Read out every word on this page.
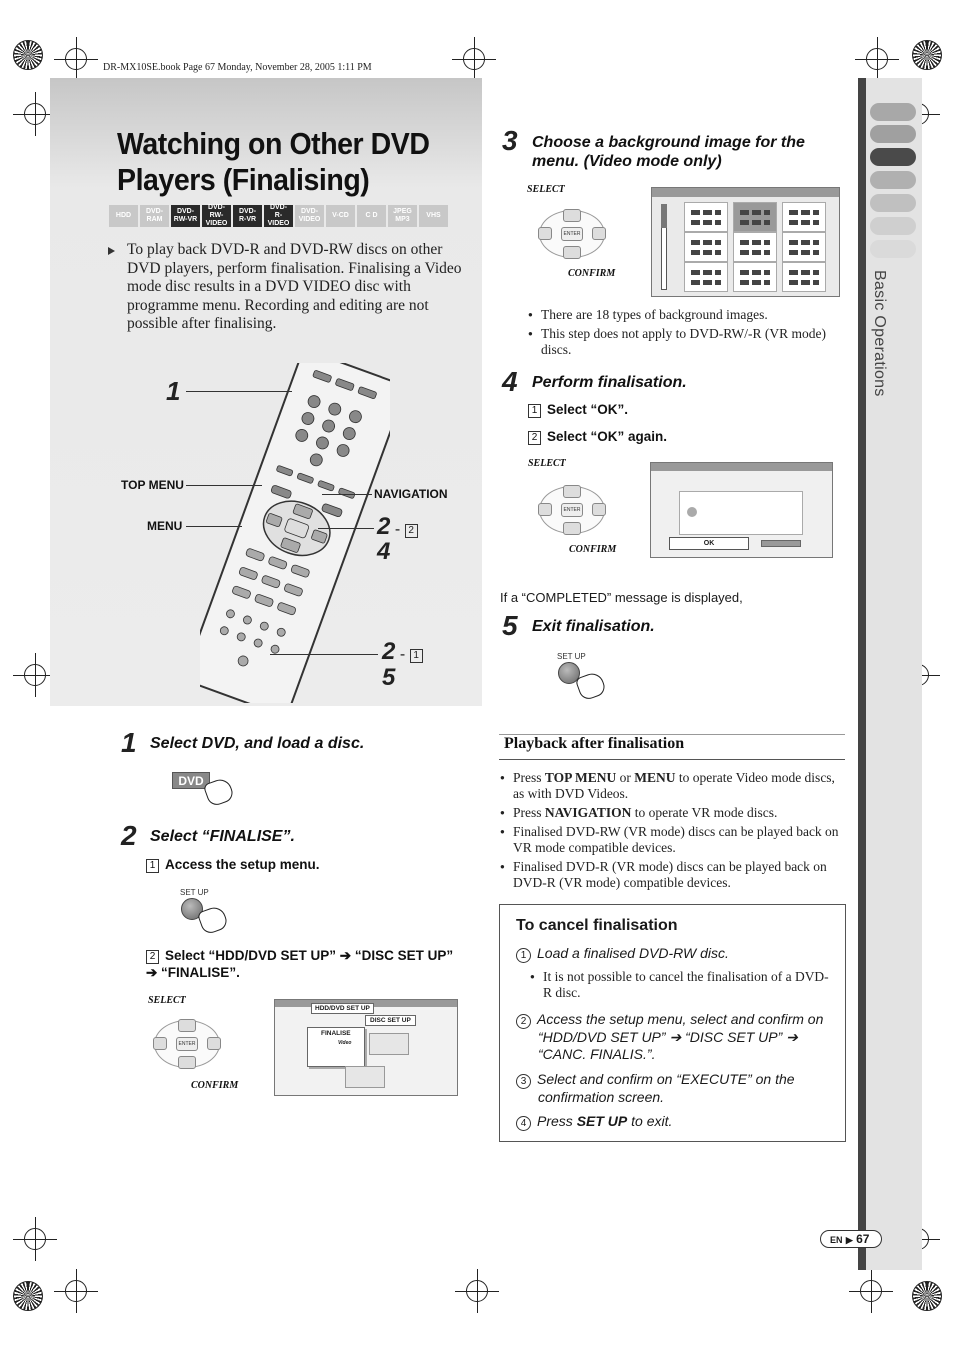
DR-MX10SE.book Page 67 Monday, November 28, 2005 1:11 PM
Basic Operations
Watching on Other DVD
Players (Finalising)
HDD
DVD-
RAM
DVD-
RW-VR
DVD-
RW-VIDEO
DVD-
R-VR
DVD-
R-VIDEO
DVD-
VIDEO
V-CD C D
JPEG
MP3
VHS

To play back DVD-R and DVD-RW discs on other DVD players, perform finalisation. Finalising a Video mode disc results in a DVD VIDEO disc with programme menu. Recording and editing are not possible after finalising.

1
TOP MENU
MENU
NAVIGATION
2 - 2
4
2 - 1
5
1 Select DVD, and load a disc.
DVD
2 Select “FINALISE”.
1 Access the setup menu.
SET UP
2 Select “HDD/DVD SET UP” ➔ “DISC SET UP” ➔ “FINALISE”.
SELECT
ENTER
CONFIRM
HDD/DVD SET UP
DISC SET UP
FINALISE
Video
3 Choose a background image for the menu. (Video mode only)
SELECT
ENTER
CONFIRM
● There are 18 types of background images.
● This step does not apply to DVD-RW/-R (VR mode) discs.
4 Perform finalisation.
1 Select “OK”.
2 Select “OK” again.
SELECT
ENTER
CONFIRM
OK
If a “COMPLETED” message is displayed,
5 Exit finalisation.
SET UP
Playback after finalisation
● Press TOP MENU or MENU to operate Video mode discs, as with DVD Videos.
● Press NAVIGATION to operate VR mode discs.
● Finalised DVD-RW (VR mode) discs can be played back on VR mode compatible devices.
● Finalised DVD-R (VR mode) discs can be played back on DVD-R (VR mode) compatible devices.
To cancel finalisation
1 Load a finalised DVD-RW disc.
● It is not possible to cancel the finalisation of a DVD-R disc.
2 Access the setup menu, select and confirm on “HDD/DVD SET UP” ➔ “DISC SET UP” ➔ “CANC. FINALIS.”.
3 Select and confirm on “EXECUTE” on the confirmation screen.
4 Press SET UP to exit.
EN ▶ 67
